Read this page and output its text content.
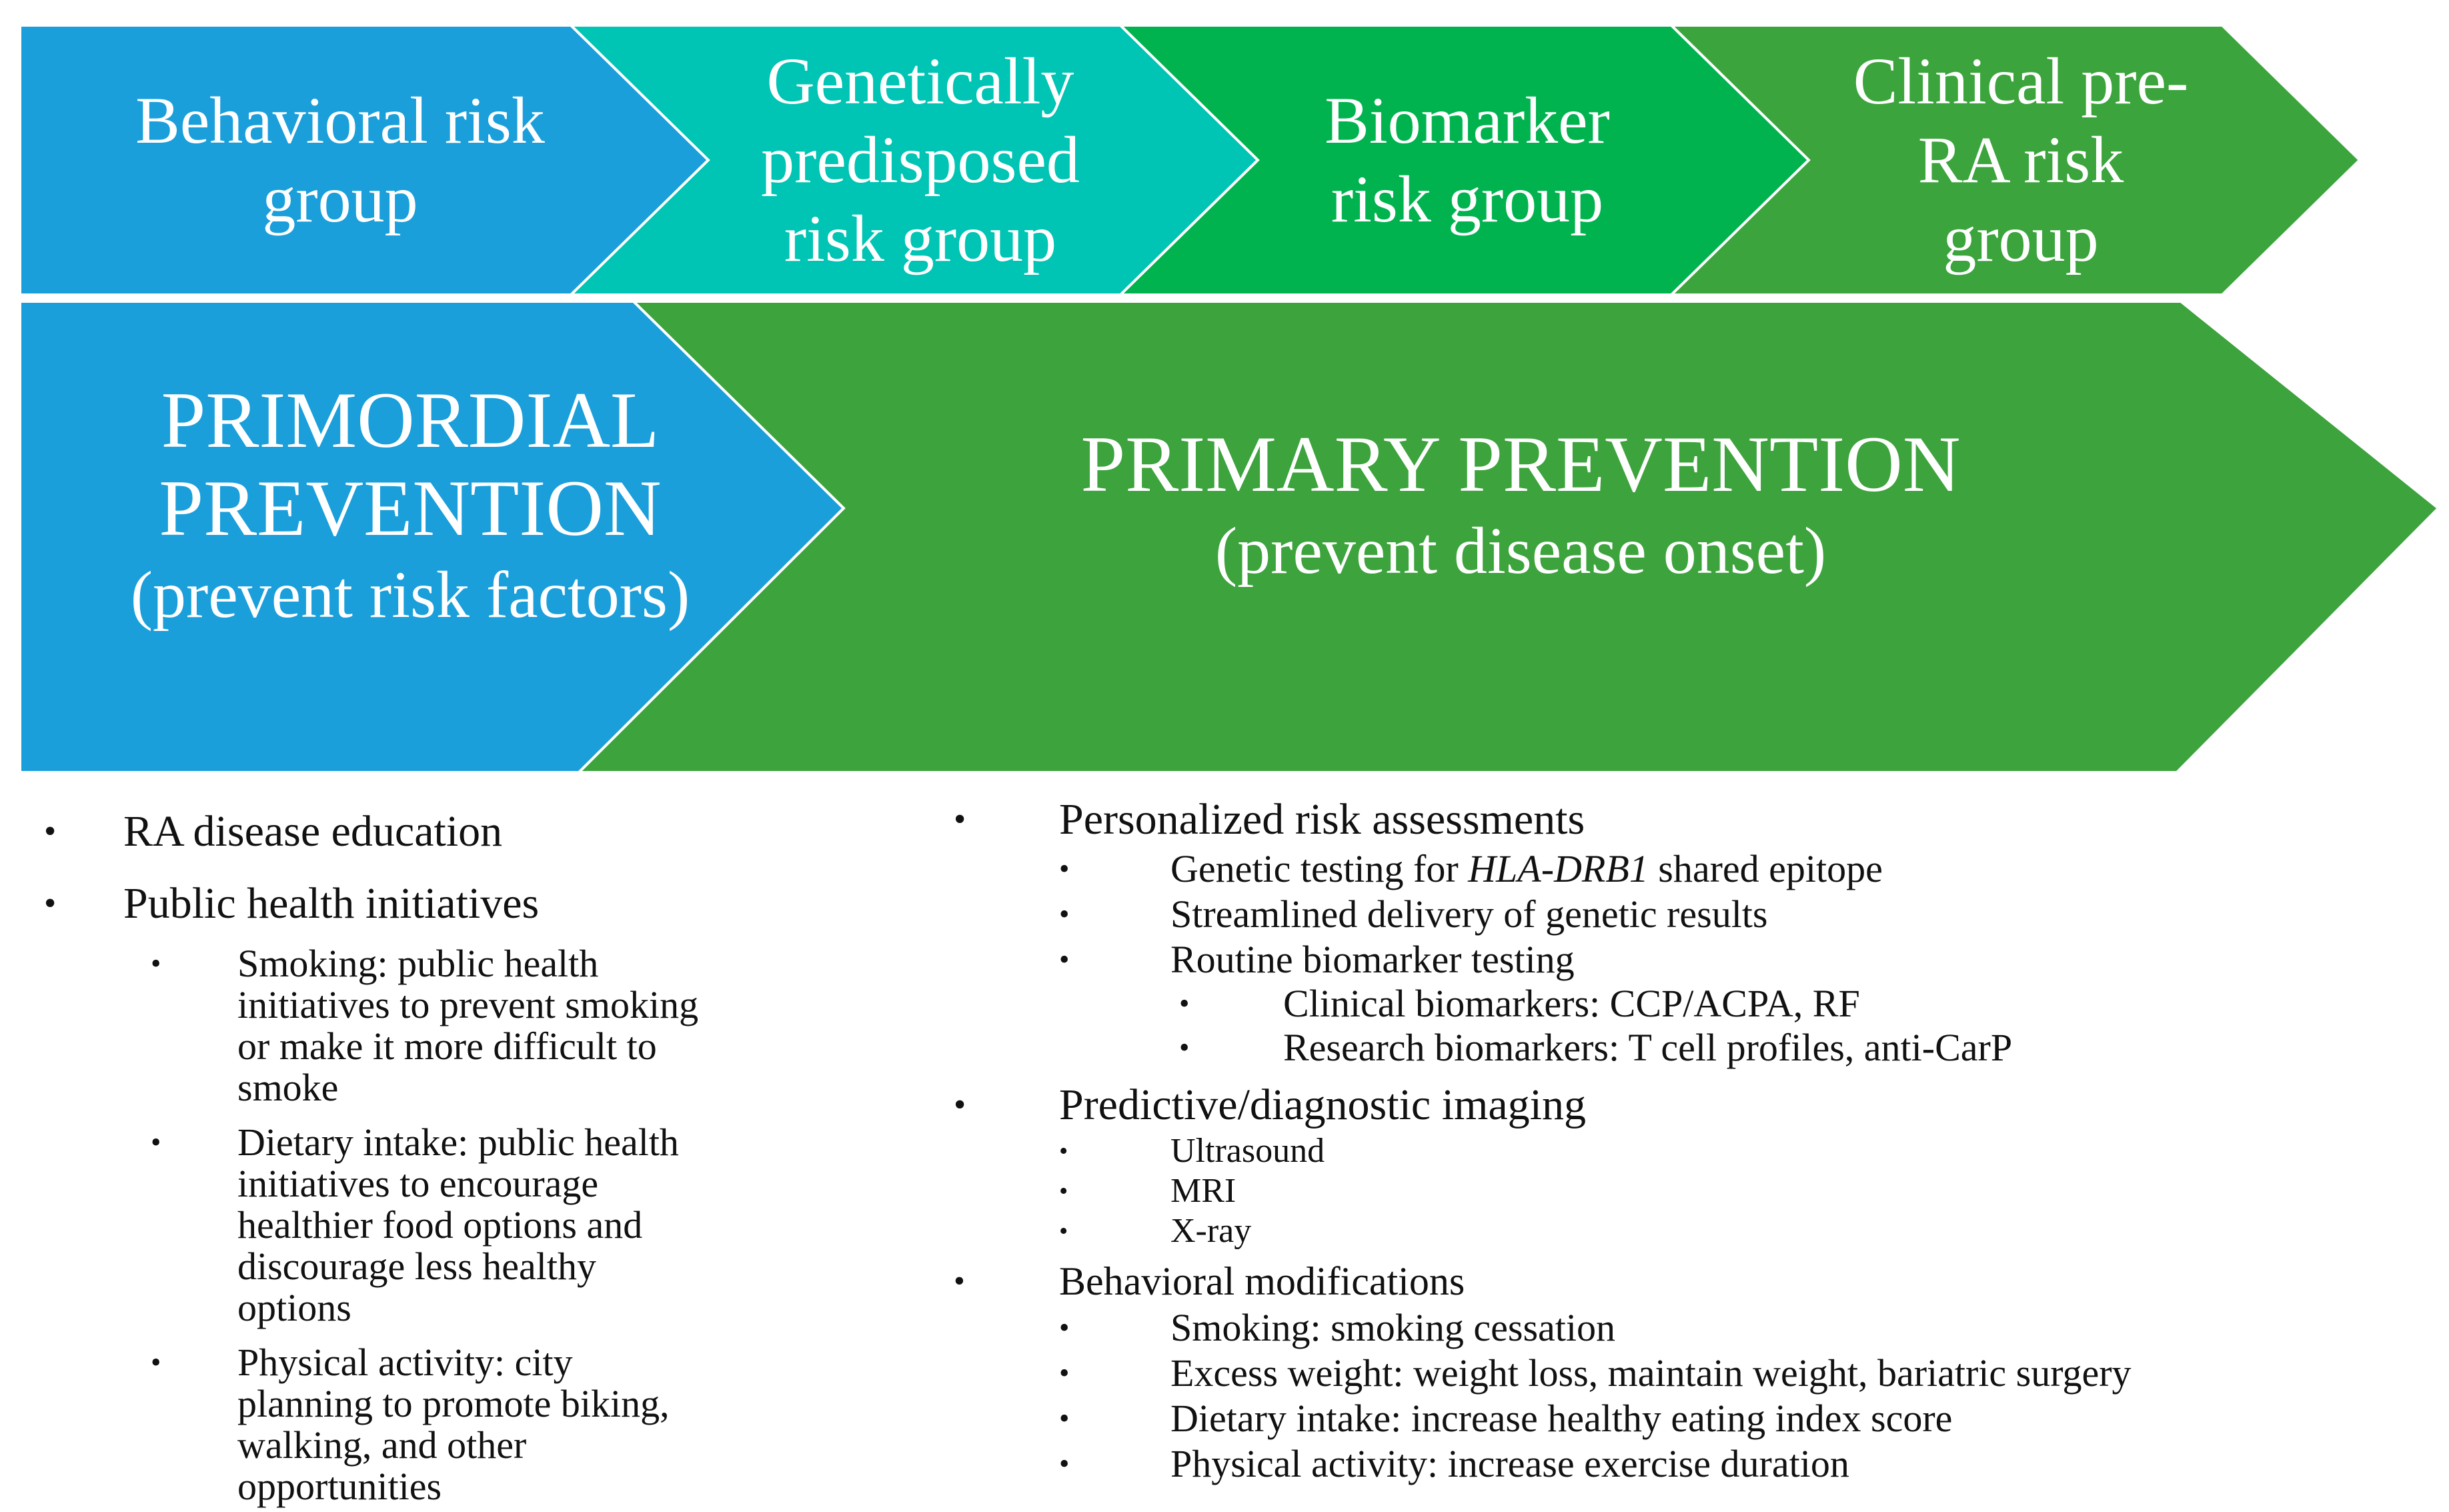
Behavioral risk
group
Genetically
predisposed
risk group
Biomarker
risk group
Clinical pre-
RA risk
group
PRIMORDIAL
PREVENTION
(prevent risk factors)
PRIMARY PREVENTION
(prevent disease onset)
• RA disease education
• Public health initiatives
• Smoking: public health initiatives to prevent smoking or make it more difficult to smoke
• Dietary intake: public health initiatives to encourage healthier food options and discourage less healthy options
• Physical activity: city planning to promote biking, walking, and other opportunities
• Personalized risk assessments
•	Genetic testing for HLA-DRB1 shared epitope
•	Streamlined delivery of genetic results
•	Routine biomarker testing
• Clinical biomarkers: CCP/ACPA, RF
• Research biomarkers: T cell profiles, anti-CarP
• Predictive/diagnostic imaging
•	Ultrasound
•	MRI
•	X-ray
• Behavioral modifications
•	Smoking: smoking cessation
•	Excess weight: weight loss, maintain weight, bariatric surgery
•	Dietary intake: increase healthy eating index score
•	Physical activity: increase exercise duration
